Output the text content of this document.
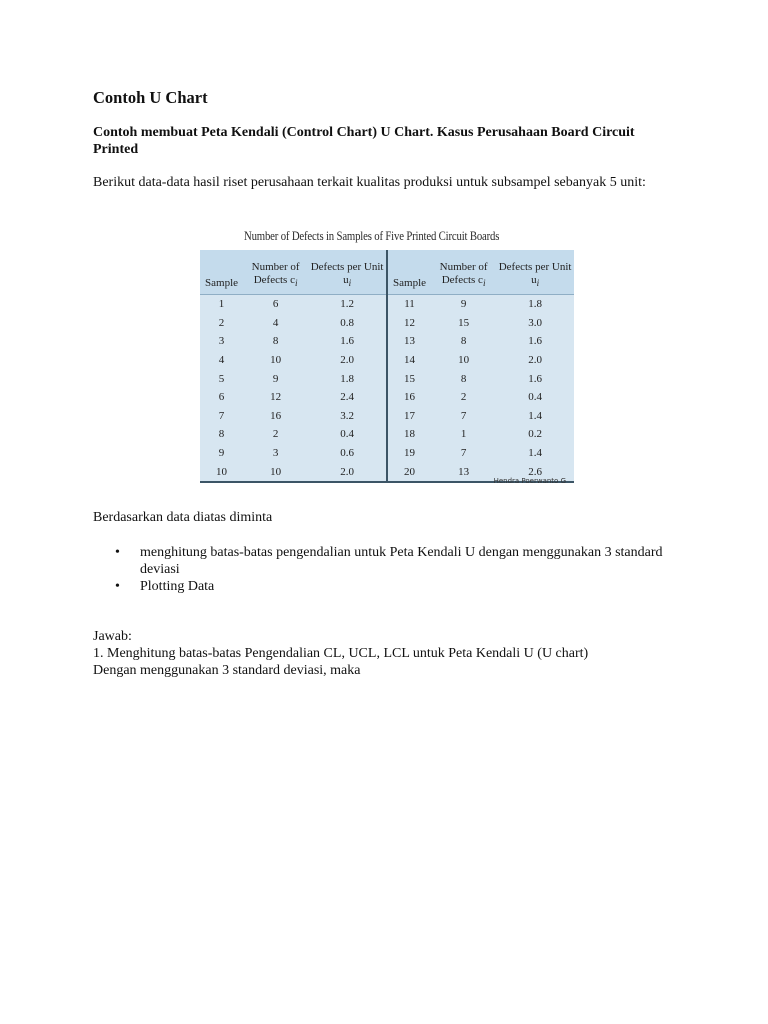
Contoh U Chart

Contoh membuat Peta Kendali (Control Chart) U Chart. Kasus Perusahaan Board Circuit Printed

Berikut data-data hasil riset perusahaan terkait kualitas produksi untuk subsampel sebanyak 5 unit:

Number of Defects in Samples of Five Printed Circuit Boards
Sample	Number of Defects $c_i$	Defects per Unit $u_i$	Sample	Number of Defects $c_i$	Defects per Unit $u_i$
1	6	1.2	11	9	1.8
2	4	0.8	12	15	3.0
3	8	1.6	13	8	1.6
4	10	2.0	14	10	2.0
5	9	1.8	15	8	1.6
6	12	2.4	16	2	0.4
7	16	3.2	17	7	1.4
8	2	0.4	18	1	0.2
9	3	0.6	19	7	1.4
10	10	2.0	20	13	2.6
Hendra Poerwanto G

Berdasarkan data diatas diminta

• menghitung batas-batas pengendalian untuk Peta Kendali U dengan menggunakan 3 standard deviasi
• Plotting Data
Jawab:
1. Menghitung batas-batas Pengendalian CL, UCL, LCL untuk Peta Kendali U (U chart)
Dengan menggunakan 3 standard deviasi, maka
